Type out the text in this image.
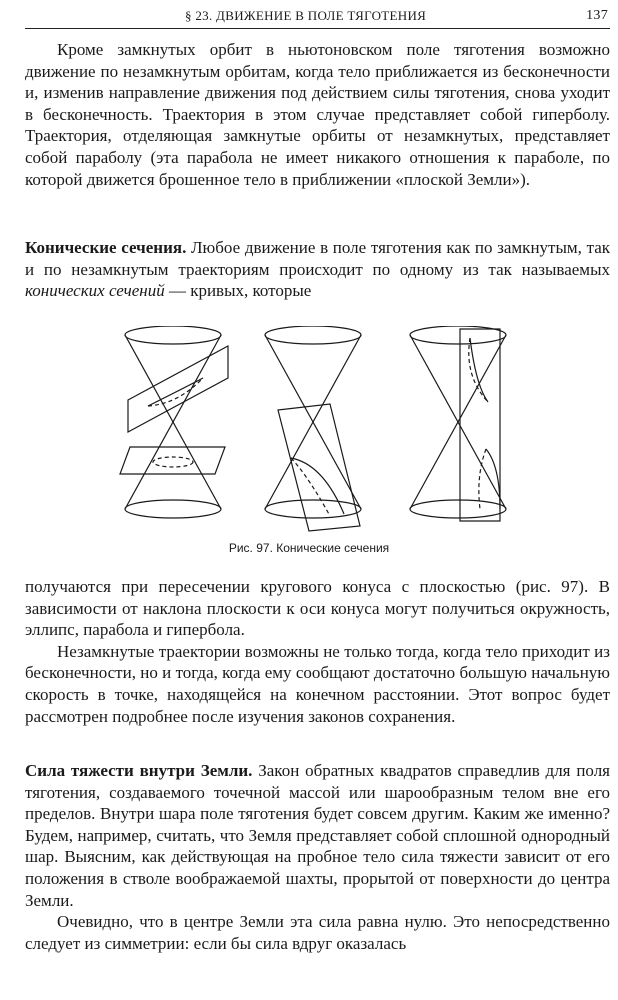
§ 23. ДВИЖЕНИЕ В ПОЛЕ ТЯГОТЕНИЯ	137

Кроме замкнутых орбит в ньютоновском поле тяготения возможно движение по незамкнутым орбитам, когда тело приближается из бесконечности и, изменив направление движения под действием силы тяготения, снова уходит в бесконечность. Траектория в этом случае представляет собой гиперболу. Траектория, отделяющая замкнутые орбиты от незамкнутых, представляет собой параболу (эта парабола не имеет никакого отношения к параболе, по которой движется брошенное тело в приближении «плоской Земли»).

Конические сечения. Любое движение в поле тяготения как по замкнутым, так и по незамкнутым траекториям происходит по одному из так называемых конических сечений — кривых, которые

Рис. 97. Конические сечения

получаются при пересечении кругового конуса с плоскостью (рис. 97). В зависимости от наклона плоскости к оси конуса могут получиться окружность, эллипс, парабола и гипербола.

Незамкнутые траектории возможны не только тогда, когда тело приходит из бесконечности, но и тогда, когда ему сообщают достаточно большую начальную скорость в точке, находящейся на конечном расстоянии. Этот вопрос будет рассмотрен подробнее после изучения законов сохранения.

Сила тяжести внутри Земли. Закон обратных квадратов справедлив для поля тяготения, создаваемого точечной массой или шарообразным телом вне его пределов. Внутри шара поле тяготения будет совсем другим. Каким же именно? Будем, например, считать, что Земля представляет собой сплошной однородный шар. Выясним, как действующая на пробное тело сила тяжести зависит от его положения в стволе воображаемой шахты, прорытой от поверхности до центра Земли.

Очевидно, что в центре Земли эта сила равна нулю. Это непосредственно следует из симметрии: если бы сила вдруг оказалась
